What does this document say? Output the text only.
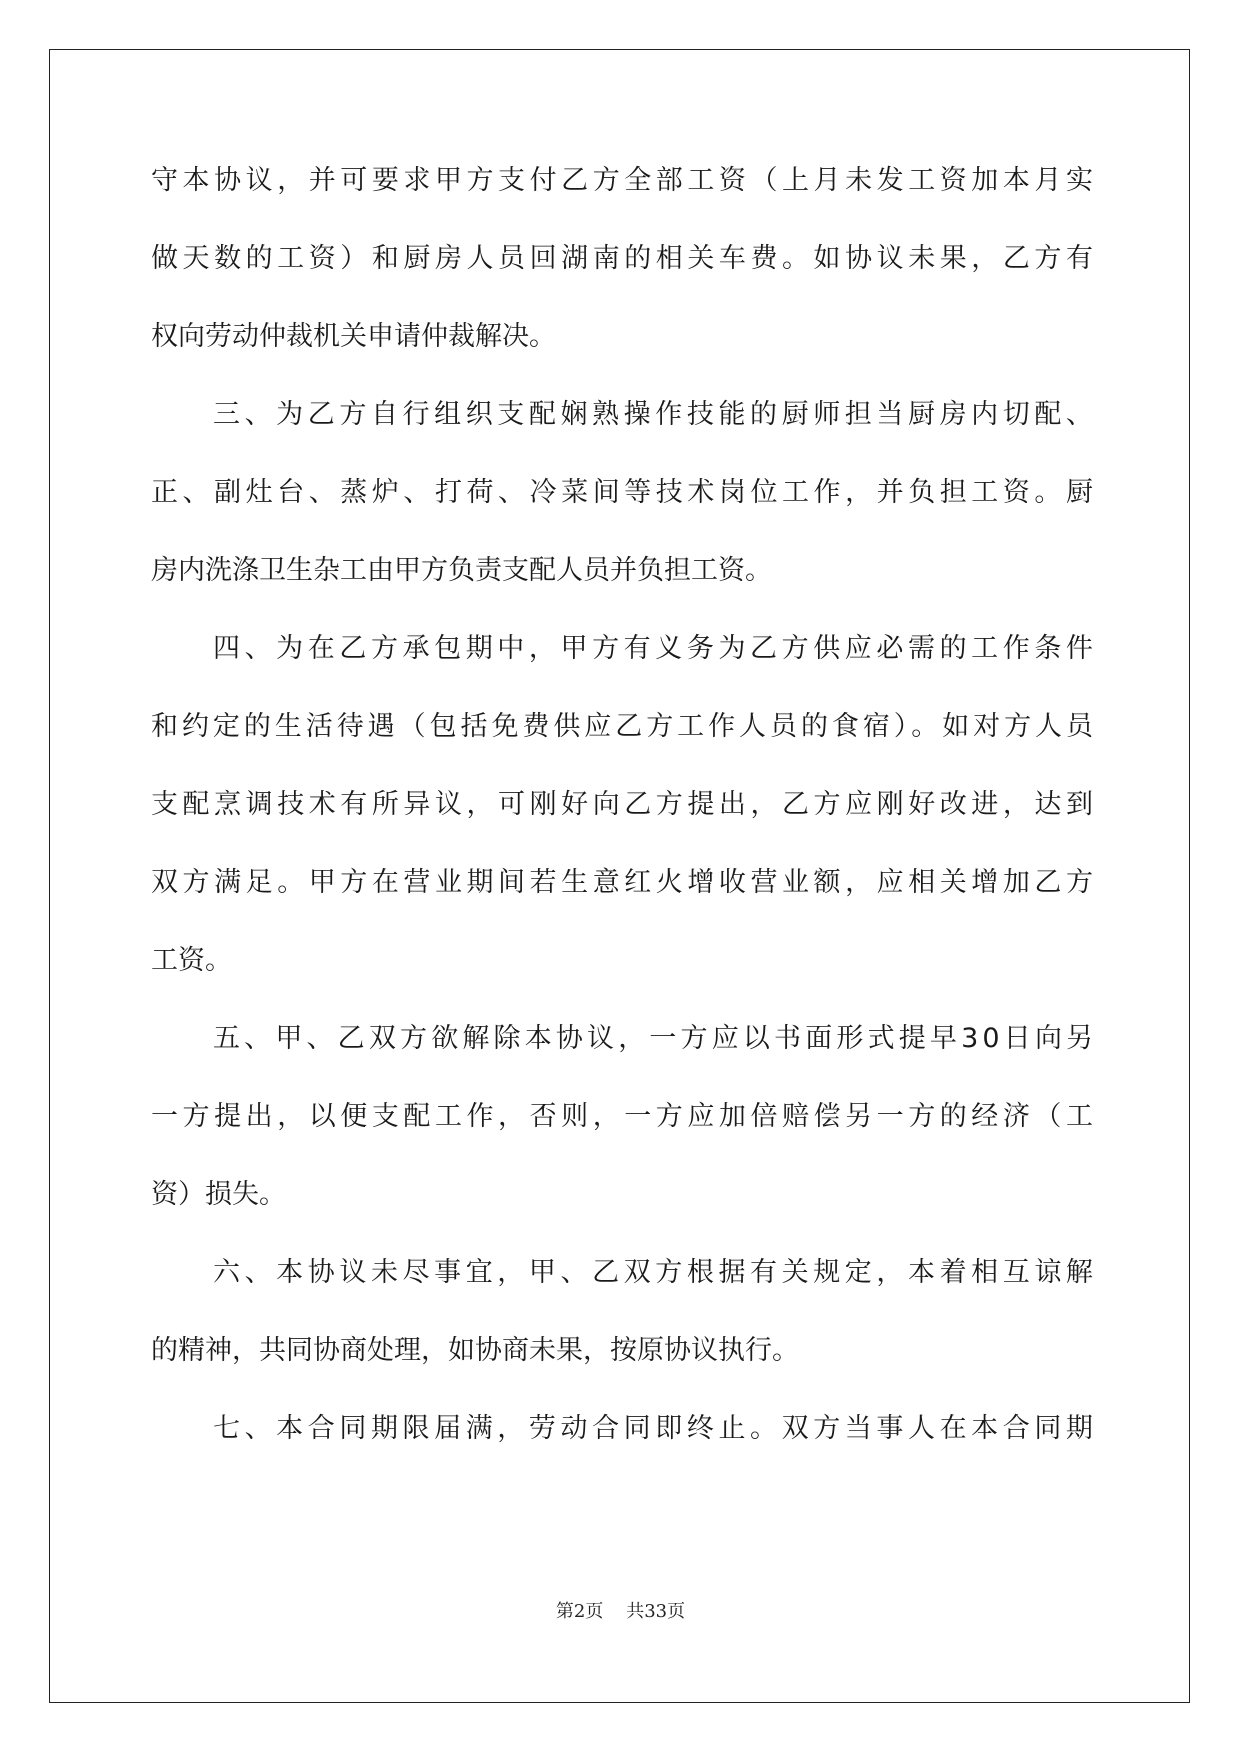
守本协议，并可要求甲方支付乙方全部工资（上月未发工资加本月实
做天数的工资）和厨房人员回湖南的相关车费。如协议未果，乙方有
权向劳动仲裁机关申请仲裁解决。
三、为乙方自行组织支配娴熟操作技能的厨师担当厨房内切配、
正、副灶台、蒸炉、打荷、冷菜间等技术岗位工作，并负担工资。厨
房内洗涤卫生杂工由甲方负责支配人员并负担工资。
四、为在乙方承包期中，甲方有义务为乙方供应必需的工作条件
和约定的生活待遇（包括免费供应乙方工作人员的食宿）。如对方人员
支配烹调技术有所异议，可刚好向乙方提出，乙方应刚好改进，达到
双方满足。甲方在营业期间若生意红火增收营业额，应相关增加乙方
工资。
五、甲、乙双方欲解除本协议，一方应以书面形式提早30日向另
一方提出，以便支配工作，否则，一方应加倍赔偿另一方的经济（工
资）损失。
六、本协议未尽事宜，甲、乙双方根据有关规定，本着相互谅解
的精神，共同协商处理，如协商未果，按原协议执行。
七、本合同期限届满，劳动合同即终止。双方当事人在本合同期
第2页    共33页
